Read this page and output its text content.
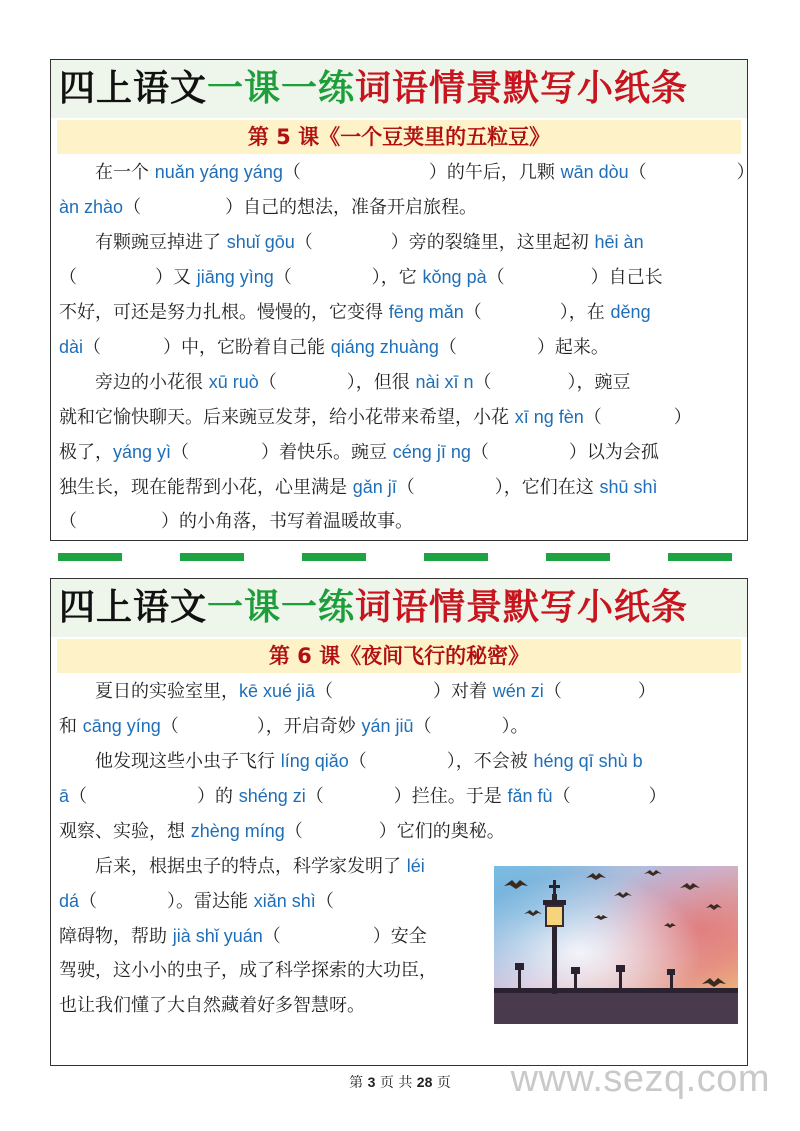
四上语文一课一练词语情景默写小纸条
第 5 课《一个豆荚里的五粒豆》
　　在一个 nuǎn yáng yáng（	）的午后，几颗 wān dòu（	）
àn zhào（	）自己的想法，准备开启旅程。
　　有颗豌豆掉进了 shuǐ gōu（	）旁的裂缝里，这里起初 hēi àn
（	）又 jiāng yìng（	），它 kǒng pà（	）自己长
不好，可还是努力扎根。慢慢的，它变得 fēng mǎn（	），在 děng
dài（	）中，它盼着自己能 qiáng zhuàng（	）起来。
　　旁边的小花很 xū ruò（	），但很 nài xī n（	），豌豆
就和它愉快聊天。后来豌豆发芽，给小花带来希望，小花 xī ng fèn（	）
极了，yáng yì（	）着快乐。豌豆 céng jī ng（	）以为会孤
独生长，现在能帮到小花，心里满是 gǎn jī（	），它们在这 shū shì
（	）的小角落，书写着温暖故事。
四上语文一课一练词语情景默写小纸条
第 6 课《夜间飞行的秘密》
　　夏日的实验室里，kē xué jiā（	）对着 wén zi（	）
和 cāng yíng（	），开启奇妙 yán jiū（	）。
　　他发现这些小虫子飞行 líng qiǎo（	），不会被 héng qī shù b
ā（	）的 shéng zi（	）拦住。于是 fǎn fù（	）
观察、实验，想 zhèng míng（	）它们的奥秘。
　　后来，根据虫子的特点，科学家发明了 léi
dá（	）。雷达能 xiǎn shì（
障碍物，帮助 jià shǐ yuán（	）安全
驾驶，这小小的虫子，成了科学探索的大功臣，
也让我们懂了大自然藏着好多智慧呀。
第 3 页 共 28 页	www.sezq.com
